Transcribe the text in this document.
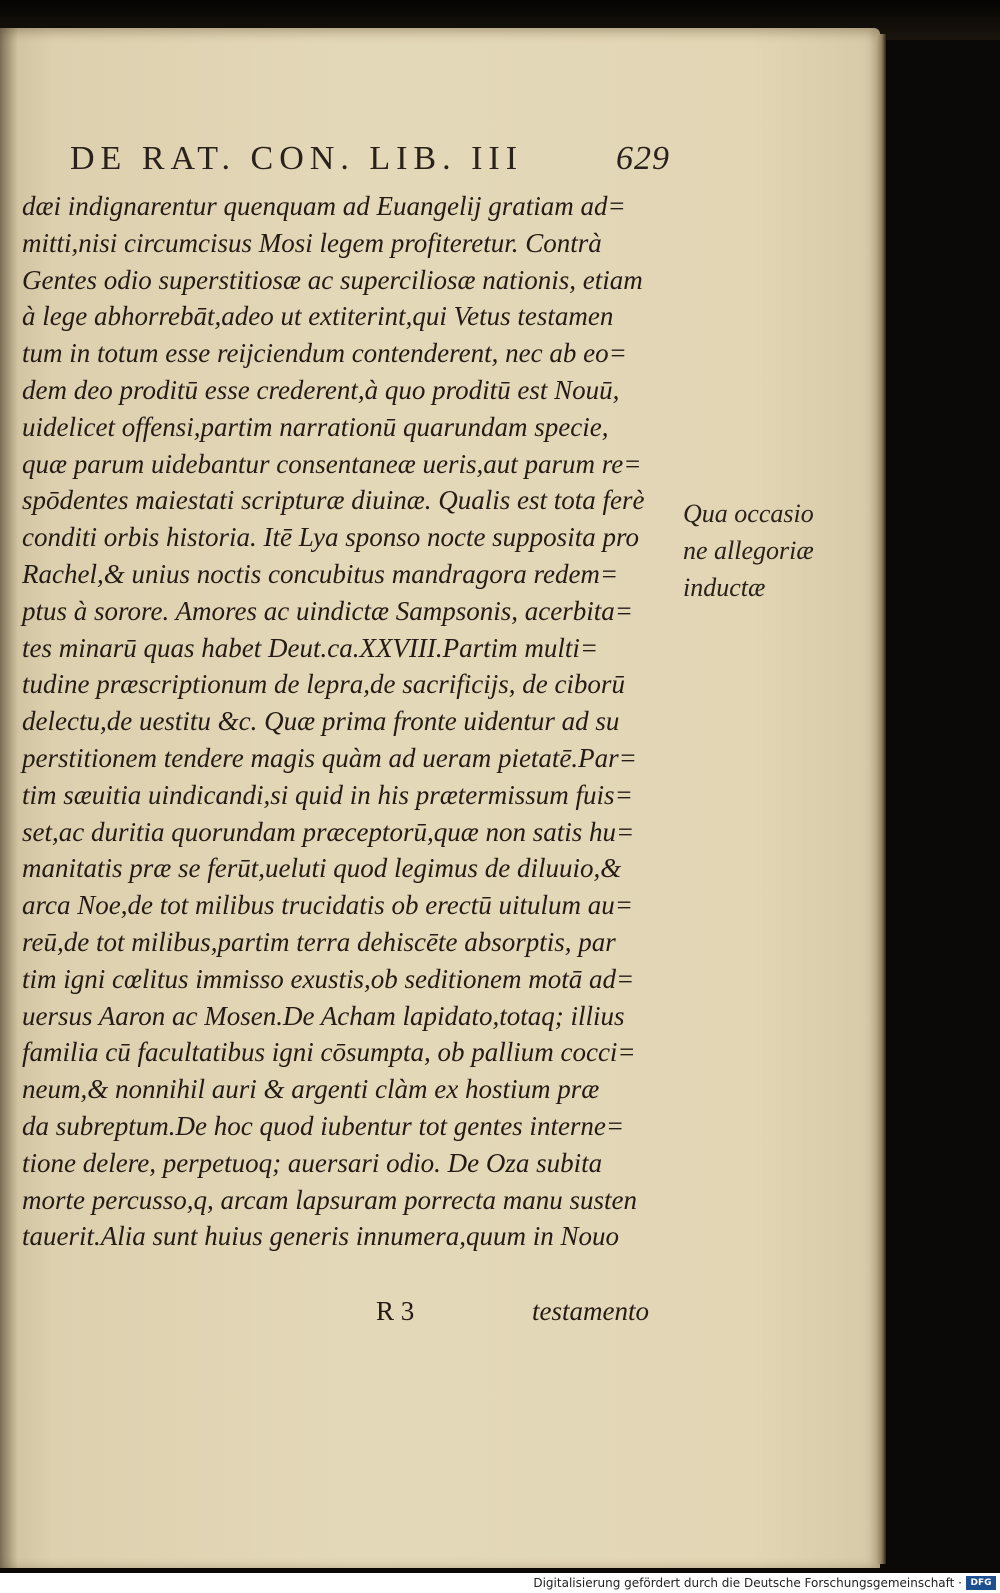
DE RAT. CON. LIB. III	629
dæi indignarentur quenquam ad Euangelij gratiam ad=
mitti,nisi circumcisus Mosi legem profiteretur. Contrà
Gentes odio superstitiosæ ac superciliosæ nationis, etiam
à lege abhorrebāt,adeo ut extiterint,qui Vetus testamen
tum in totum esse reijciendum contenderent, nec ab eo=
dem deo proditū esse crederent,à quo proditū est Nouū,
uidelicet offensi,partim narrationū quarundam specie,
quæ parum uidebantur consentaneæ ueris,aut parum re=
spōdentes maiestati scripturæ diuinæ. Qualis est tota ferè
conditi orbis historia. Itē Lya sponso nocte supposita pro
Rachel,& unius noctis concubitus mandragora redem=
ptus à sorore. Amores ac uindictæ Sampsonis, acerbita=
tes minarū quas habet Deut.ca.XXVIII.Partim multi=
tudine præscriptionum de lepra,de sacrificijs, de ciborū
delectu,de uestitu &c. Quæ prima fronte uidentur ad su
perstitionem tendere magis quàm ad ueram pietatē.Par=
tim sæuitia uindicandi,si quid in his prætermissum fuis=
set,ac duritia quorundam præceptorū,quæ non satis hu=
manitatis præ se ferūt,ueluti quod legimus de diluuio,&
arca Noe,de tot milibus trucidatis ob erectū uitulum au=
reū,de tot milibus,partim terra dehiscēte absorptis, par
tim igni cœlitus immisso exustis,ob seditionem motā ad=
uersus Aaron ac Mosen.De Acham lapidato,totaq; illius
familia cū facultatibus igni cōsumpta, ob pallium cocci=
neum,& nonnihil auri & argenti clàm ex hostium præ
da subreptum.De hoc quod iubentur tot gentes interne=
tione delere, perpetuoq; auersari odio. De Oza subita
morte percusso,q, arcam lapsuram porrecta manu susten
tauerit.Alia sunt huius generis innumera,quum in Nouo
Qua occasio
ne allegoriæ
inductæ
R 3	testamento
Digitalisierung gefördert durch die Deutsche Forschungsgemeinschaft · DFG
